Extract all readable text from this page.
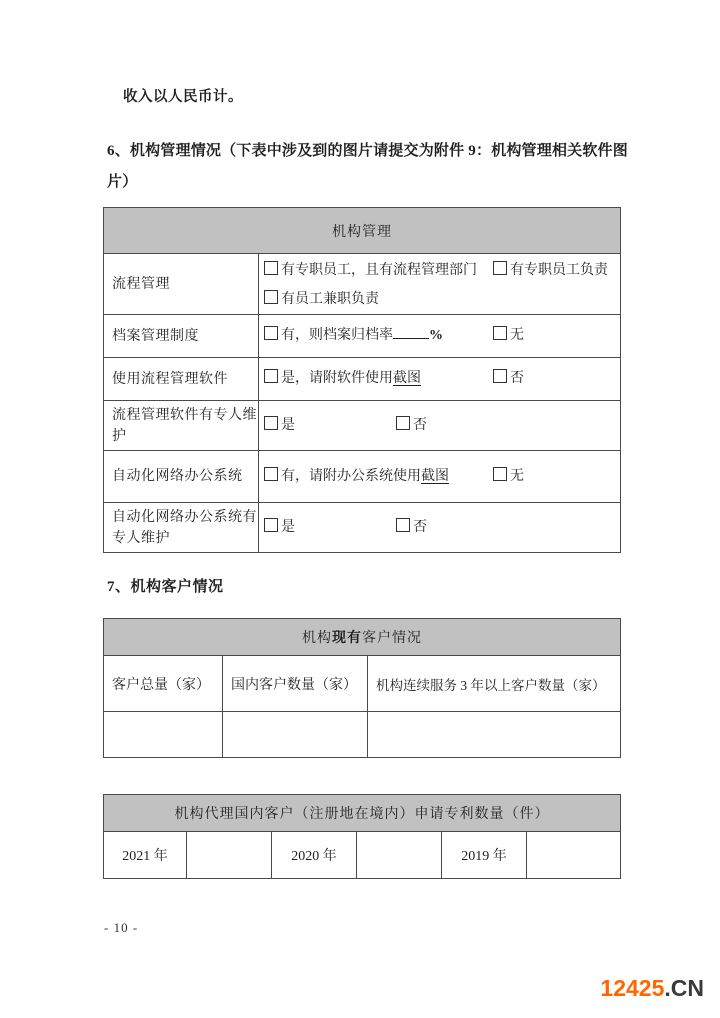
收入以人民币计。
6、机构管理情况（下表中涉及到的图片请提交为附件 9：机构管理相关软件图片）
机构管理	
流程管理	有专职员工，且有流程管理部门 有专职员工负责
有员工兼职负责

档案管理制度	有，则档案归档率 % 无
使用流程管理软件	是，请附软件使用截图 否
流程管理软件有专人维护	是 否
自动化网络办公系统	有，请附办公系统使用截图 无
自动化网络办公系统有专人维护	是 否
7、机构客户情况
机构现有客户情况		
客户总量（家）	国内客户数量（家）	机构连续服务 3 年以上客户数量（家）

机构代理国内客户（注册地在境内）申请专利数量（件）
2021 年		2020 年		2019 年	
- 10 -
12425.CN
